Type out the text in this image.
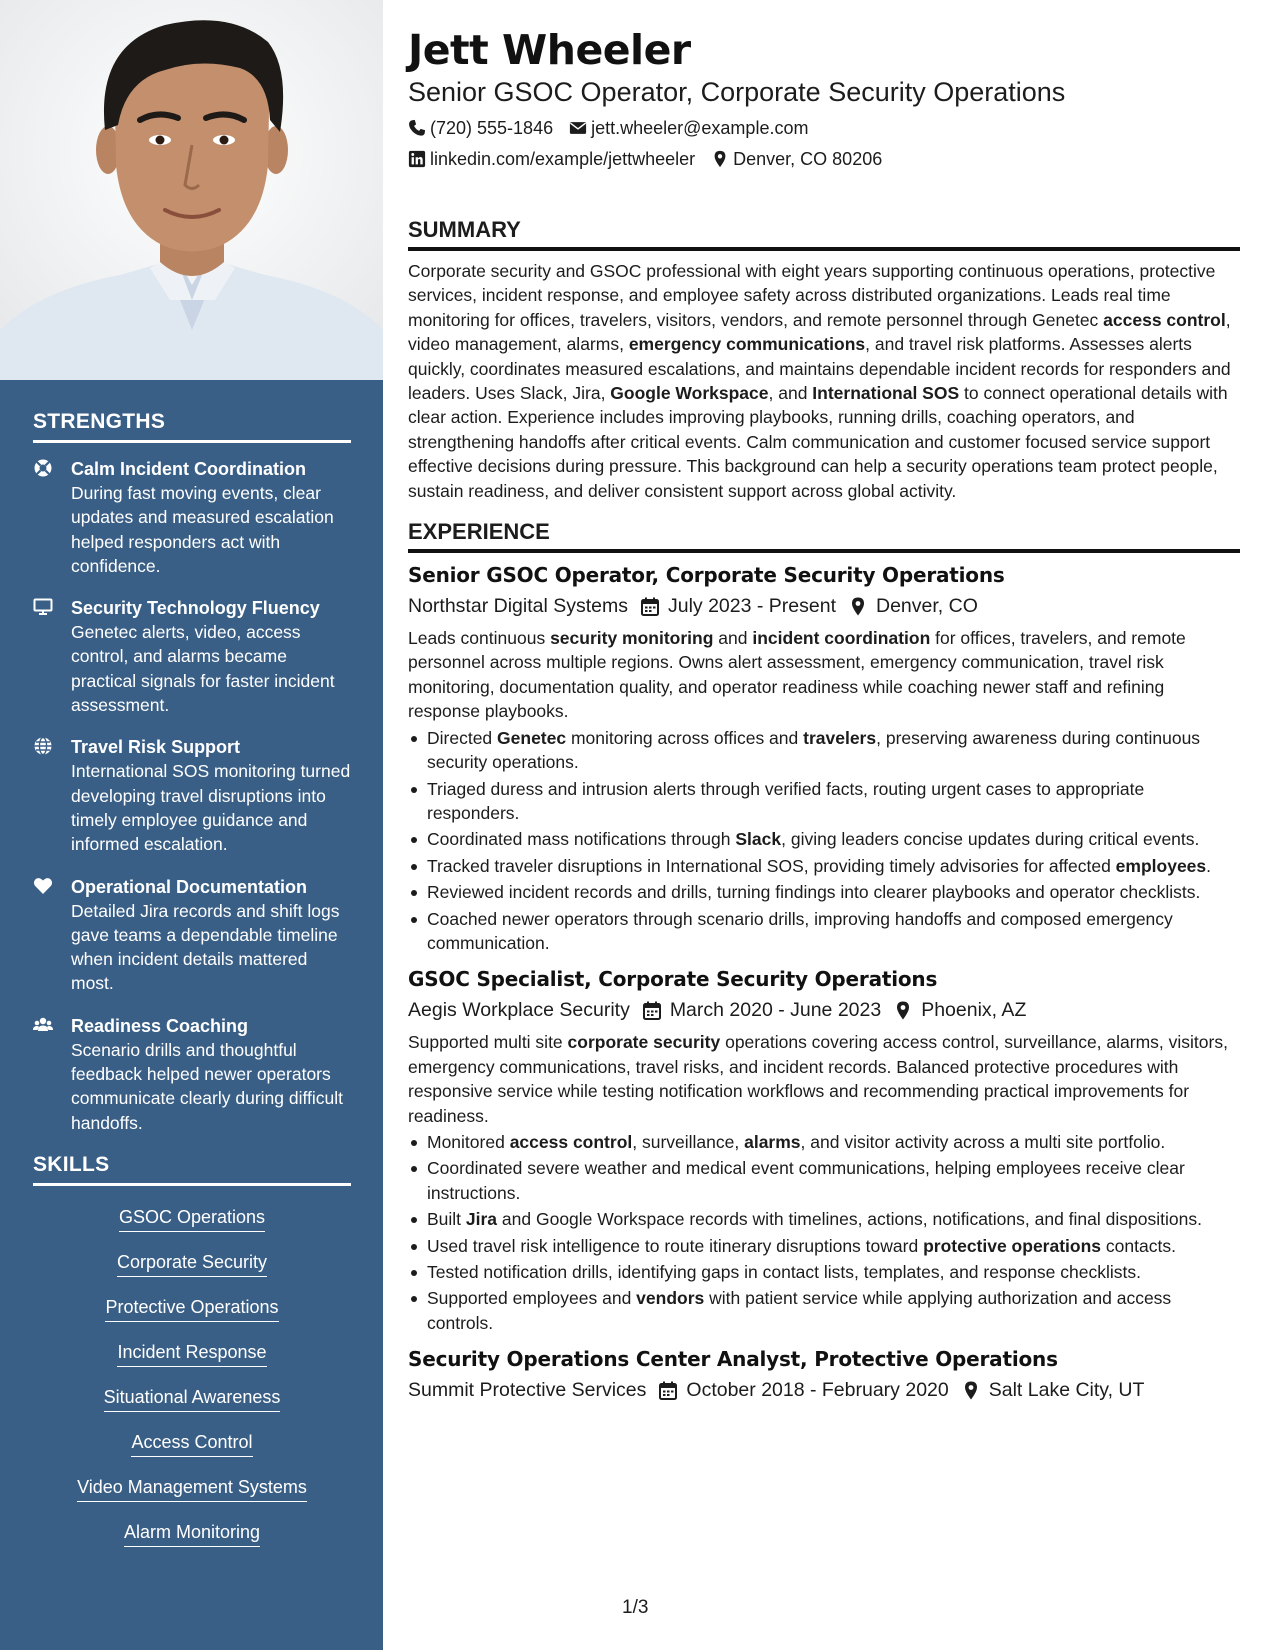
STRENGTHS
Calm Incident Coordination
During fast moving events, clear updates and measured escalation helped responders act with confidence.
Security Technology Fluency
Genetec alerts, video, access control, and alarms became practical signals for faster incident assessment.
Travel Risk Support
International SOS monitoring turned developing travel disruptions into timely employee guidance and informed escalation.
Operational Documentation
Detailed Jira records and shift logs gave teams a dependable timeline when incident details mattered most.
Readiness Coaching
Scenario drills and thoughtful feedback helped newer operators communicate clearly during difficult handoffs.
SKILLS
GSOC Operations
Corporate Security
Protective Operations
Incident Response
Situational Awareness
Access Control
Video Management Systems
Alarm Monitoring
Jett Wheeler
Senior GSOC Operator, Corporate Security Operations
(720) 555-1846 jett.wheeler@example.com
linkedin.com/example/jettwheeler Denver, CO 80206
SUMMARY
Corporate security and GSOC professional with eight years supporting continuous operations, protective services, incident response, and employee safety across distributed organizations. Leads real time monitoring for offices, travelers, visitors, vendors, and remote personnel through Genetec access control, video management, alarms, emergency communications, and travel risk platforms. Assesses alerts quickly, coordinates measured escalations, and maintains dependable incident records for responders and leaders. Uses Slack, Jira, Google Workspace, and International SOS to connect operational details with clear action. Experience includes improving playbooks, running drills, coaching operators, and strengthening handoffs after critical events. Calm communication and customer focused service support effective decisions during pressure. This background can help a security operations team protect people, sustain readiness, and deliver consistent support across global activity.
EXPERIENCE
Senior GSOC Operator, Corporate Security Operations
Northstar Digital Systems July 2023 - Present Denver, CO
Leads continuous security monitoring and incident coordination for offices, travelers, and remote personnel across multiple regions. Owns alert assessment, emergency communication, travel risk monitoring, documentation quality, and operator readiness while coaching newer staff and refining response playbooks.
Directed Genetec monitoring across offices and travelers, preserving awareness during continuous security operations.
Triaged duress and intrusion alerts through verified facts, routing urgent cases to appropriate responders.
Coordinated mass notifications through Slack, giving leaders concise updates during critical events.
Tracked traveler disruptions in International SOS, providing timely advisories for affected employees.
Reviewed incident records and drills, turning findings into clearer playbooks and operator checklists.
Coached newer operators through scenario drills, improving handoffs and composed emergency communication.
GSOC Specialist, Corporate Security Operations
Aegis Workplace Security March 2020 - June 2023 Phoenix, AZ
Supported multi site corporate security operations covering access control, surveillance, alarms, visitors, emergency communications, travel risks, and incident records. Balanced protective procedures with responsive service while testing notification workflows and recommending practical improvements for readiness.
Monitored access control, surveillance, alarms, and visitor activity across a multi site portfolio.
Coordinated severe weather and medical event communications, helping employees receive clear instructions.
Built Jira and Google Workspace records with timelines, actions, notifications, and final dispositions.
Used travel risk intelligence to route itinerary disruptions toward protective operations contacts.
Tested notification drills, identifying gaps in contact lists, templates, and response checklists.
Supported employees and vendors with patient service while applying authorization and access controls.
Security Operations Center Analyst, Protective Operations
Summit Protective Services October 2018 - February 2020 Salt Lake City, UT
1/3
